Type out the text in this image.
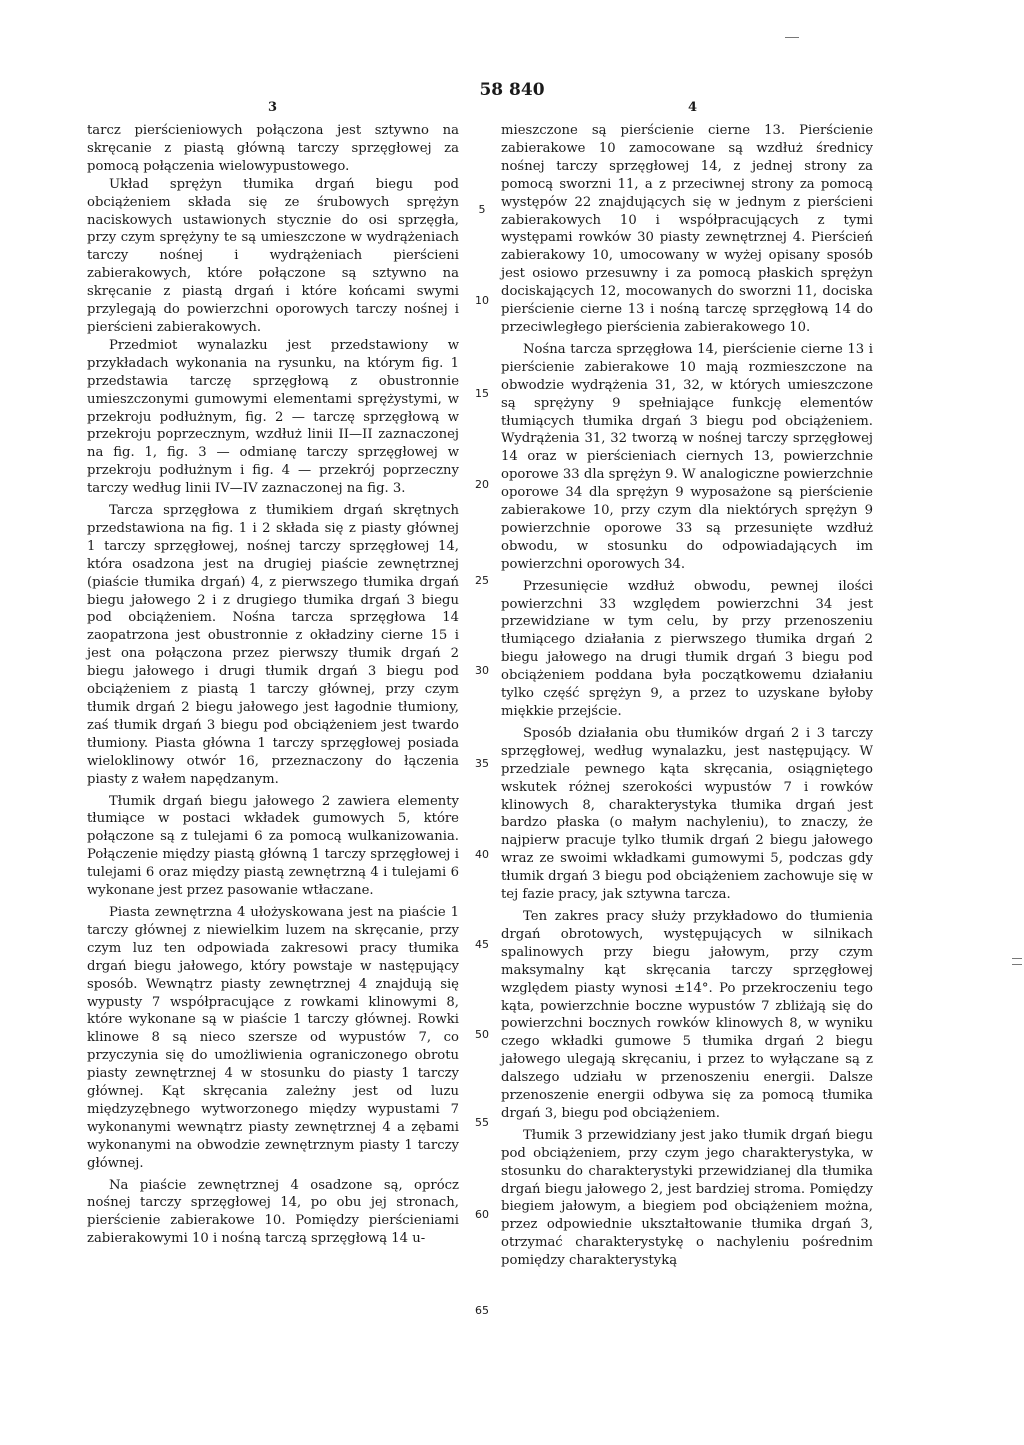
58 840
3	4

tarcz pierścieniowych połączona jest sztywno na skręcanie z piastą główną tarczy sprzęgłowej za pomocą połączenia wielowypustowego.

Układ sprężyn tłumika drgań biegu pod obciążeniem składa się ze śrubowych sprężyn naciskowych ustawionych stycznie do osi sprzęgła, przy czym sprężyny te są umieszczone w wydrążeniach tarczy nośnej i wydrążeniach pierścieni zabierakowych, które połączone są sztywno na skręcanie z piastą drgań i które końcami swymi przylegają do powierzchni oporowych tarczy nośnej i pierścieni zabierakowych.

Przedmiot wynalazku jest przedstawiony w przykładach wykonania na rysunku, na którym fig. 1 przedstawia tarczę sprzęgłową z obustronnie umieszczonymi gumowymi elementami sprężystymi, w przekroju podłużnym, fig. 2 — tarczę sprzęgłową w przekroju poprzecznym, wzdłuż linii II—II zaznaczonej na fig. 1, fig. 3 — odmianę tarczy sprzęgłowej w przekroju podłużnym i fig. 4 — przekrój poprzeczny tarczy według linii IV—IV zaznaczonej na fig. 3.

Tarcza sprzęgłowa z tłumikiem drgań skrętnych przedstawiona na fig. 1 i 2 składa się z piasty głównej 1 tarczy sprzęgłowej, nośnej tarczy sprzęgłowej 14, która osadzona jest na drugiej piaście zewnętrznej (piaście tłumika drgań) 4, z pierwszego tłumika drgań biegu jałowego 2 i z drugiego tłumika drgań 3 biegu pod obciążeniem. Nośna tarcza sprzęgłowa 14 zaopatrzona jest obustronnie z okładziny cierne 15 i jest ona połączona przez pierwszy tłumik drgań 2 biegu jałowego i drugi tłumik drgań 3 biegu pod obciążeniem z piastą 1 tarczy głównej, przy czym tłumik drgań 2 biegu jałowego jest łagodnie tłumiony, zaś tłumik drgań 3 biegu pod obciążeniem jest twardo tłumiony. Piasta główna 1 tarczy sprzęgłowej posiada wieloklinowy otwór 16, przeznaczony do łączenia piasty z wałem napędzanym.

Tłumik drgań biegu jałowego 2 zawiera elementy tłumiące w postaci wkładek gumowych 5, które połączone są z tulejami 6 za pomocą wulkanizowania. Połączenie między piastą główną 1 tarczy sprzęgłowej i tulejami 6 oraz między piastą zewnętrzną 4 i tulejami 6 wykonane jest przez pasowanie wtłaczane.

Piasta zewnętrzna 4 ułożyskowana jest na piaście 1 tarczy głównej z niewielkim luzem na skręcanie, przy czym luz ten odpowiada zakresowi pracy tłumika drgań biegu jałowego, który powstaje w następujący sposób. Wewnątrz piasty zewnętrznej 4 znajdują się wypusty 7 współpracujące z rowkami klinowymi 8, które wykonane są w piaście 1 tarczy głównej. Rowki klinowe 8 są nieco szersze od wypustów 7, co przyczynia się do umożliwienia ograniczonego obrotu piasty zewnętrznej 4 w stosunku do piasty 1 tarczy głównej. Kąt skręcania zależny jest od luzu międzyzębnego wytworzonego między wypustami 7 wykonanymi wewnątrz piasty zewnętrznej 4 a zębami wykonanymi na obwodzie zewnętrznym piasty 1 tarczy głównej.

Na piaście zewnętrznej 4 osadzone są, oprócz nośnej tarczy sprzęgłowej 14, po obu jej stronach, pierścienie zabierakowe 10. Pomiędzy pierścieniami zabierakowymi 10 i nośną tarczą sprzęgłową 14 u-

mieszczone są pierścienie cierne 13. Pierścienie zabierakowe 10 zamocowane są wzdłuż średnicy nośnej tarczy sprzęgłowej 14, z jednej strony za pomocą sworzni 11, a z przeciwnej strony za pomocą występów 22 znajdujących się w jednym z pierścieni zabierakowych 10 i współpracujących z tymi występami rowków 30 piasty zewnętrznej 4. Pierścień zabierakowy 10, umocowany w wyżej opisany sposób jest osiowo przesuwny i za pomocą płaskich sprężyn dociskających 12, mocowanych do sworzni 11, dociska pierścienie cierne 13 i nośną tarczę sprzęgłową 14 do przeciwległego pierścienia zabierakowego 10.

Nośna tarcza sprzęgłowa 14, pierścienie cierne 13 i pierścienie zabierakowe 10 mają rozmieszczone na obwodzie wydrążenia 31, 32, w których umieszczone są sprężyny 9 spełniające funkcję elementów tłumiących tłumika drgań 3 biegu pod obciążeniem. Wydrążenia 31, 32 tworzą w nośnej tarczy sprzęgłowej 14 oraz w pierścieniach ciernych 13, powierzchnie oporowe 33 dla sprężyn 9. W analogiczne powierzchnie oporowe 34 dla sprężyn 9 wyposażone są pierścienie zabierakowe 10, przy czym dla niektórych sprężyn 9 powierzchnie oporowe 33 są przesunięte wzdłuż obwodu, w stosunku do odpowiadających im powierzchni oporowych 34.

Przesunięcie wzdłuż obwodu, pewnej ilości powierzchni 33 względem powierzchni 34 jest przewidziane w tym celu, by przy przenoszeniu tłumiącego działania z pierwszego tłumika drgań 2 biegu jałowego na drugi tłumik drgań 3 biegu pod obciążeniem poddana była początkowemu działaniu tylko część sprężyn 9, a przez to uzyskane byłoby miękkie przejście.

Sposób działania obu tłumików drgań 2 i 3 tarczy sprzęgłowej, według wynalazku, jest następujący. W przedziale pewnego kąta skręcania, osiągniętego wskutek różnej szerokości wypustów 7 i rowków klinowych 8, charakterystyka tłumika drgań jest bardzo płaska (o małym nachyleniu), to znaczy, że najpierw pracuje tylko tłumik drgań 2 biegu jałowego wraz ze swoimi wkładkami gumowymi 5, podczas gdy tłumik drgań 3 biegu pod obciążeniem zachowuje się w tej fazie pracy, jak sztywna tarcza.

Ten zakres pracy służy przykładowo do tłumienia drgań obrotowych, występujących w silnikach spalinowych przy biegu jałowym, przy czym maksymalny kąt skręcania tarczy sprzęgłowej względem piasty wynosi ±14°. Po przekroczeniu tego kąta, powierzchnie boczne wypustów 7 zbliżają się do powierzchni bocznych rowków klinowych 8, w wyniku czego wkładki gumowe 5 tłumika drgań 2 biegu jałowego ulegają skręcaniu, i przez to wyłączane są z dalszego udziału w przenoszeniu energii. Dalsze przenoszenie energii odbywa się za pomocą tłumika drgań 3, biegu pod obciążeniem.

Tłumik 3 przewidziany jest jako tłumik drgań biegu pod obciążeniem, przy czym jego charakterystyka, w stosunku do charakterystyki przewidzianej dla tłumika drgań biegu jałowego 2, jest bardziej stroma. Pomiędzy biegiem jałowym, a biegiem pod obciążeniem można, przez odpowiednie ukształtowanie tłumika drgań 3, otrzymać charakterystykę o nachyleniu pośrednim pomiędzy charakterystyką

5
10
15
20
25
30
35
40
45
50
55
60
65
